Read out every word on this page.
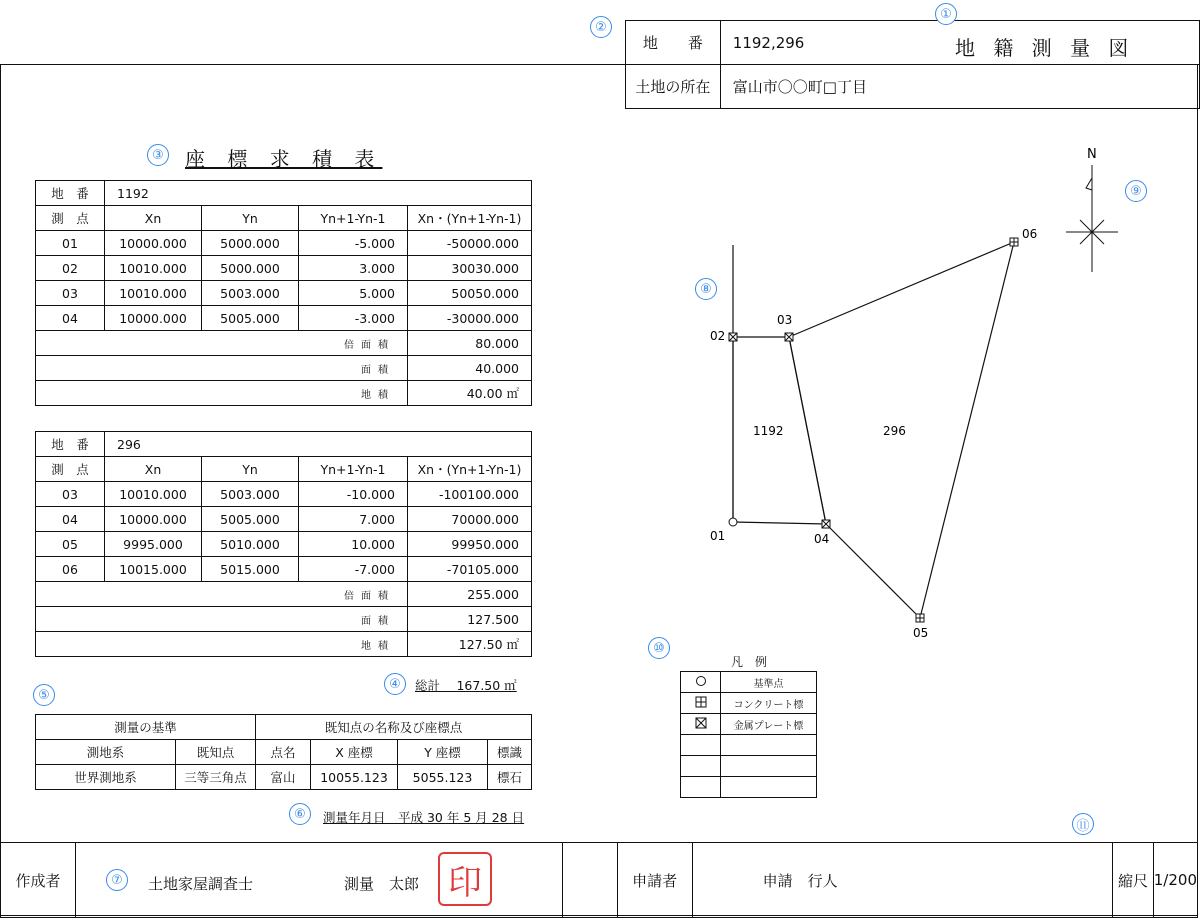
地 籍 測 量 図
地　　番	1192,296
土地の所在	富山市〇〇町□丁目
①
②
③
④
⑤
⑥
⑦
⑧
⑨
⑩
⑪
座 標 求 積 表
地　番	1192			
測　点	Xn	Yn	Yn+1-Yn-1	Xn・(Yn+1-Yn-1)
01	10000.000	5000.000	-5.000	-50000.000
02	10010.000	5000.000	3.000	30030.000
03	10010.000	5003.000	5.000	50050.000
04	10000.000	5005.000	-3.000	-30000.000
倍面積				80.000
面積				40.000
地積				40.00 ㎡
地　番	296			
測　点	Xn	Yn	Yn+1-Yn-1	Xn・(Yn+1-Yn-1)
03	10010.000	5003.000	-10.000	-100100.000
04	10000.000	5005.000	7.000	70000.000
05	9995.000	5010.000	10.000	99950.000
06	10015.000	5015.000	-7.000	-70105.000
倍面積				255.000
面積				127.500
地積				127.50 ㎡
総計　 167.50 ㎡
測量の基準		既知点の名称及び座標点			
測地系	既知点	点名	X 座標	Y 座標	標識
世界測地系	三等三角点	富山	10055.123	5055.123	標石
測量年月日　平成 30 年 5 月 28 日
01
02
03
04
05
06
1192	296
N
凡　例
	基準点
	コンクリート標
	金属プレート標

作成者	土地家屋調査士	測量　太郎 印		申請者	申請　行人	縮尺	1/200
